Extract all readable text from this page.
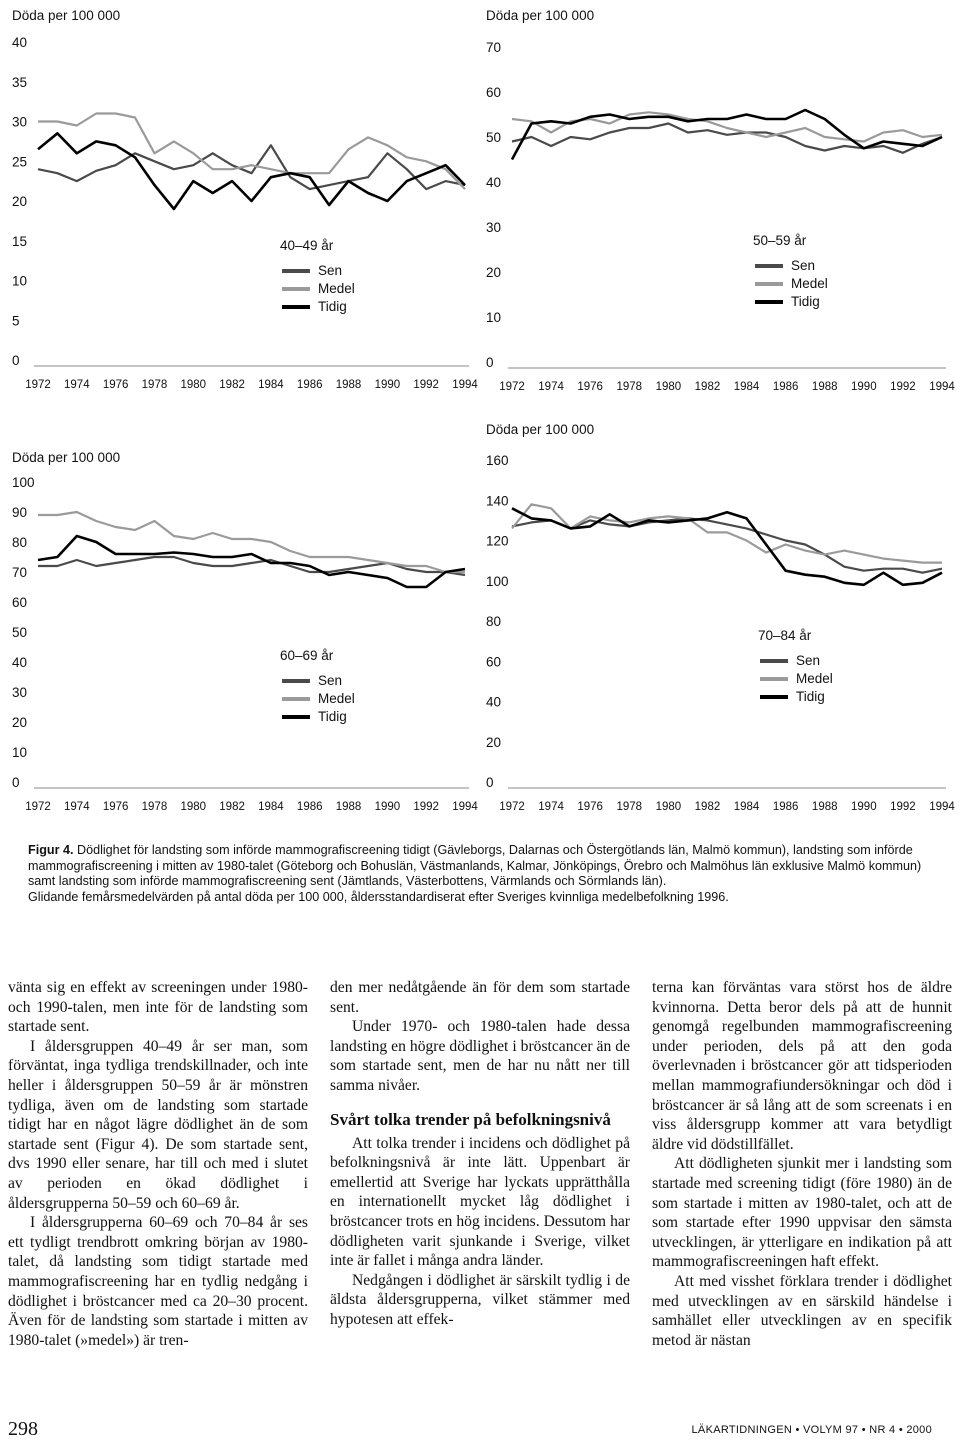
Döda per 100 000
0
5
10
15
20
25
30
35
40
1972 1974 1976 1978 1980 1982 1984 1986 1988 1990 1992 1994
40–49 år
Sen
Medel
Tidig
Döda per 100 000
0
10
20
30
40
50
60
70
1972 1974 1976 1978 1980 1982 1984 1986 1988 1990 1992 1994
50–59 år
Sen
Medel
Tidig
Döda per 100 000
0
10
20
30
40
50
60
70
80
90
100
1972 1974 1976 1978 1980 1982 1984 1986 1988 1990 1992 1994
60–69 år
Sen
Medel
Tidig
Döda per 100 000
0
20
40
60
80
100
120
140
160
1972 1974 1976 1978 1980 1982 1984 1986 1988 1990 1992 1994
70–84 år
Sen
Medel
Tidig

Figur 4. Dödlighet för landsting som införde mammografiscreening tidigt (Gävleborgs, Dalarnas och Östergötlands län, Malmö kommun), landsting som införde mammografiscreening i mitten av 1980-talet (Göteborg och Bohuslän, Västmanlands, Kalmar, Jönköpings, Örebro och Malmöhus län exklusive Malmö kommun) samt landsting som införde mammografiscreening sent (Jämtlands, Västerbottens, Värmlands och Sörmlands län).

Glidande femårsmedelvärden på antal döda per 100 000, åldersstandardiserat efter Sveriges kvinnliga medelbefolkning 1996.

vänta sig en effekt av screeningen under 1980- och 1990-talen, men inte för de landsting som startade sent.

I åldersgruppen 40–49 år ser man, som förväntat, inga tydliga trendskillnader, och inte heller i åldersgruppen 50–59 år är mönstren tydliga, även om de landsting som startade tidigt har en något lägre dödlighet än de som startade sent (Figur 4). De som startade sent, dvs 1990 eller senare, har till och med i slutet av perioden en ökad dödlighet i åldersgrupperna 50–59 och 60–69 år.

I åldersgrupperna 60–69 och 70–84 år ses ett tydligt trendbrott omkring början av 1980-talet, då landsting som tidigt startade med mammografiscreening har en tydlig nedgång i dödlighet i bröstcancer med ca 20–30 procent. Även för de landsting som startade i mitten av 1980-talet (»medel») är tren-

den mer nedåtgående än för dem som startade sent.

Under 1970- och 1980-talen hade dessa landsting en högre dödlighet i bröstcancer än de som startade sent, men de har nu nått ner till samma nivåer.

Svårt tolka trender på befolkningsnivå

Att tolka trender i incidens och dödlighet på befolkningsnivå är inte lätt. Uppenbart är emellertid att Sverige har lyckats upprätthålla en internationellt mycket låg dödlighet i bröstcancer trots en hög incidens. Dessutom har dödligheten varit sjunkande i Sverige, vilket inte är fallet i många andra länder.

Nedgången i dödlighet är särskilt tydlig i de äldsta åldersgrupperna, vilket stämmer med hypotesen att effek-

terna kan förväntas vara störst hos de äldre kvinnorna. Detta beror dels på att de hunnit genomgå regelbunden mammografiscreening under perioden, dels på att den goda överlevnaden i bröstcancer gör att tidsperioden mellan mammografiundersökningar och död i bröstcancer är så lång att de som screenats i en viss åldersgrupp kommer att vara betydligt äldre vid dödstillfället.

Att dödligheten sjunkit mer i landsting som startade med screening tidigt (före 1980) än de som startade i mitten av 1980-talet, och att de som startade efter 1990 uppvisar den sämsta utvecklingen, är ytterligare en indikation på att mammografiscreeningen haft effekt.

Att med visshet förklara trender i dödlighet med utvecklingen av en särskild händelse i samhället eller utvecklingen av en specifik metod är nästan

298	LÄKARTIDNINGEN • VOLYM 97 • NR 4 • 2000
